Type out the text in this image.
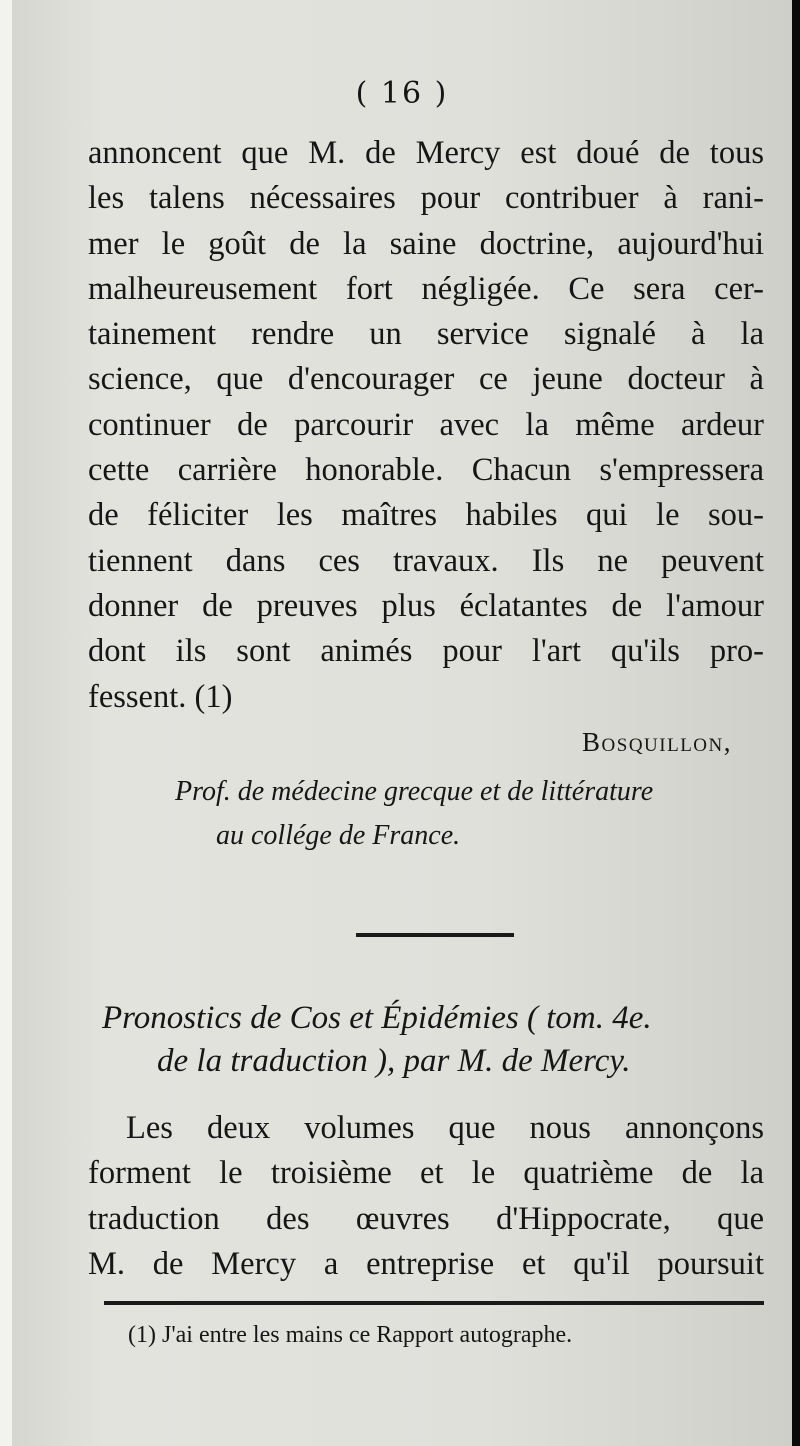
( 16 )
annoncent que M. de Mercy est doué de tous
les talens nécessaires pour contribuer à rani-
mer le goût de la saine doctrine, aujourd'hui
malheureusement fort négligée. Ce sera cer-
tainement rendre un service signalé à la
science, que d'encourager ce jeune docteur à
continuer de parcourir avec la même ardeur
cette carrière honorable. Chacun s'empressera
de féliciter les maîtres habiles qui le sou-
tiennent dans ces travaux. Ils ne peuvent
donner de preuves plus éclatantes de l'amour
dont ils sont animés pour l'art qu'ils pro-
fessent. (1)
Bosquillon,
Prof. de médecine grecque et de littérature
au collége de France.
Pronostics de Cos et Épidémies ( tom. 4e.
de la traduction ), par M. de Mercy.
Les deux volumes que nous annonçons
forment le troisième et le quatrième de la
traduction des œuvres d'Hippocrate, que
M. de Mercy a entreprise et qu'il poursuit
(1) J'ai entre les mains ce Rapport autographe.
